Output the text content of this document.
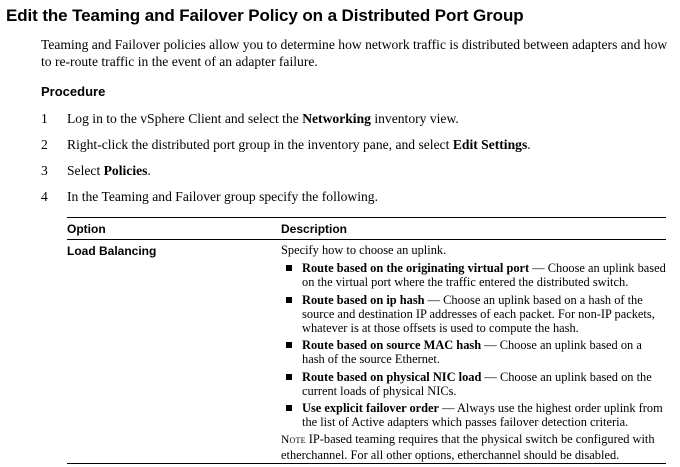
Edit the Teaming and Failover Policy on a Distributed Port Group
Teaming and Failover policies allow you to determine how network traffic is distributed between adapters and how to re-route traffic in the event of an adapter failure.
Procedure
1 Log in to the vSphere Client and select the Networking inventory view.
2 Right-click the distributed port group in the inventory pane, and select Edit Settings.
3 Select Policies.
4 In the Teaming and Failover group specify the following.
Option	Description
Load Balancing	Specify how to choose an uplink.
Route based on the originating virtual port — Choose an uplink based on the virtual port where the traffic entered the distributed switch.
Route based on ip hash — Choose an uplink based on a hash of the source and destination IP addresses of each packet. For non-IP packets, whatever is at those offsets is used to compute the hash.
Route based on source MAC hash — Choose an uplink based on a hash of the source Ethernet.
Route based on physical NIC load — Choose an uplink based on the current loads of physical NICs.
Use explicit failover order — Always use the highest order uplink from the list of Active adapters which passes failover detection criteria.
Note IP-based teaming requires that the physical switch be configured with etherchannel. For all other options, etherchannel should be disabled.
